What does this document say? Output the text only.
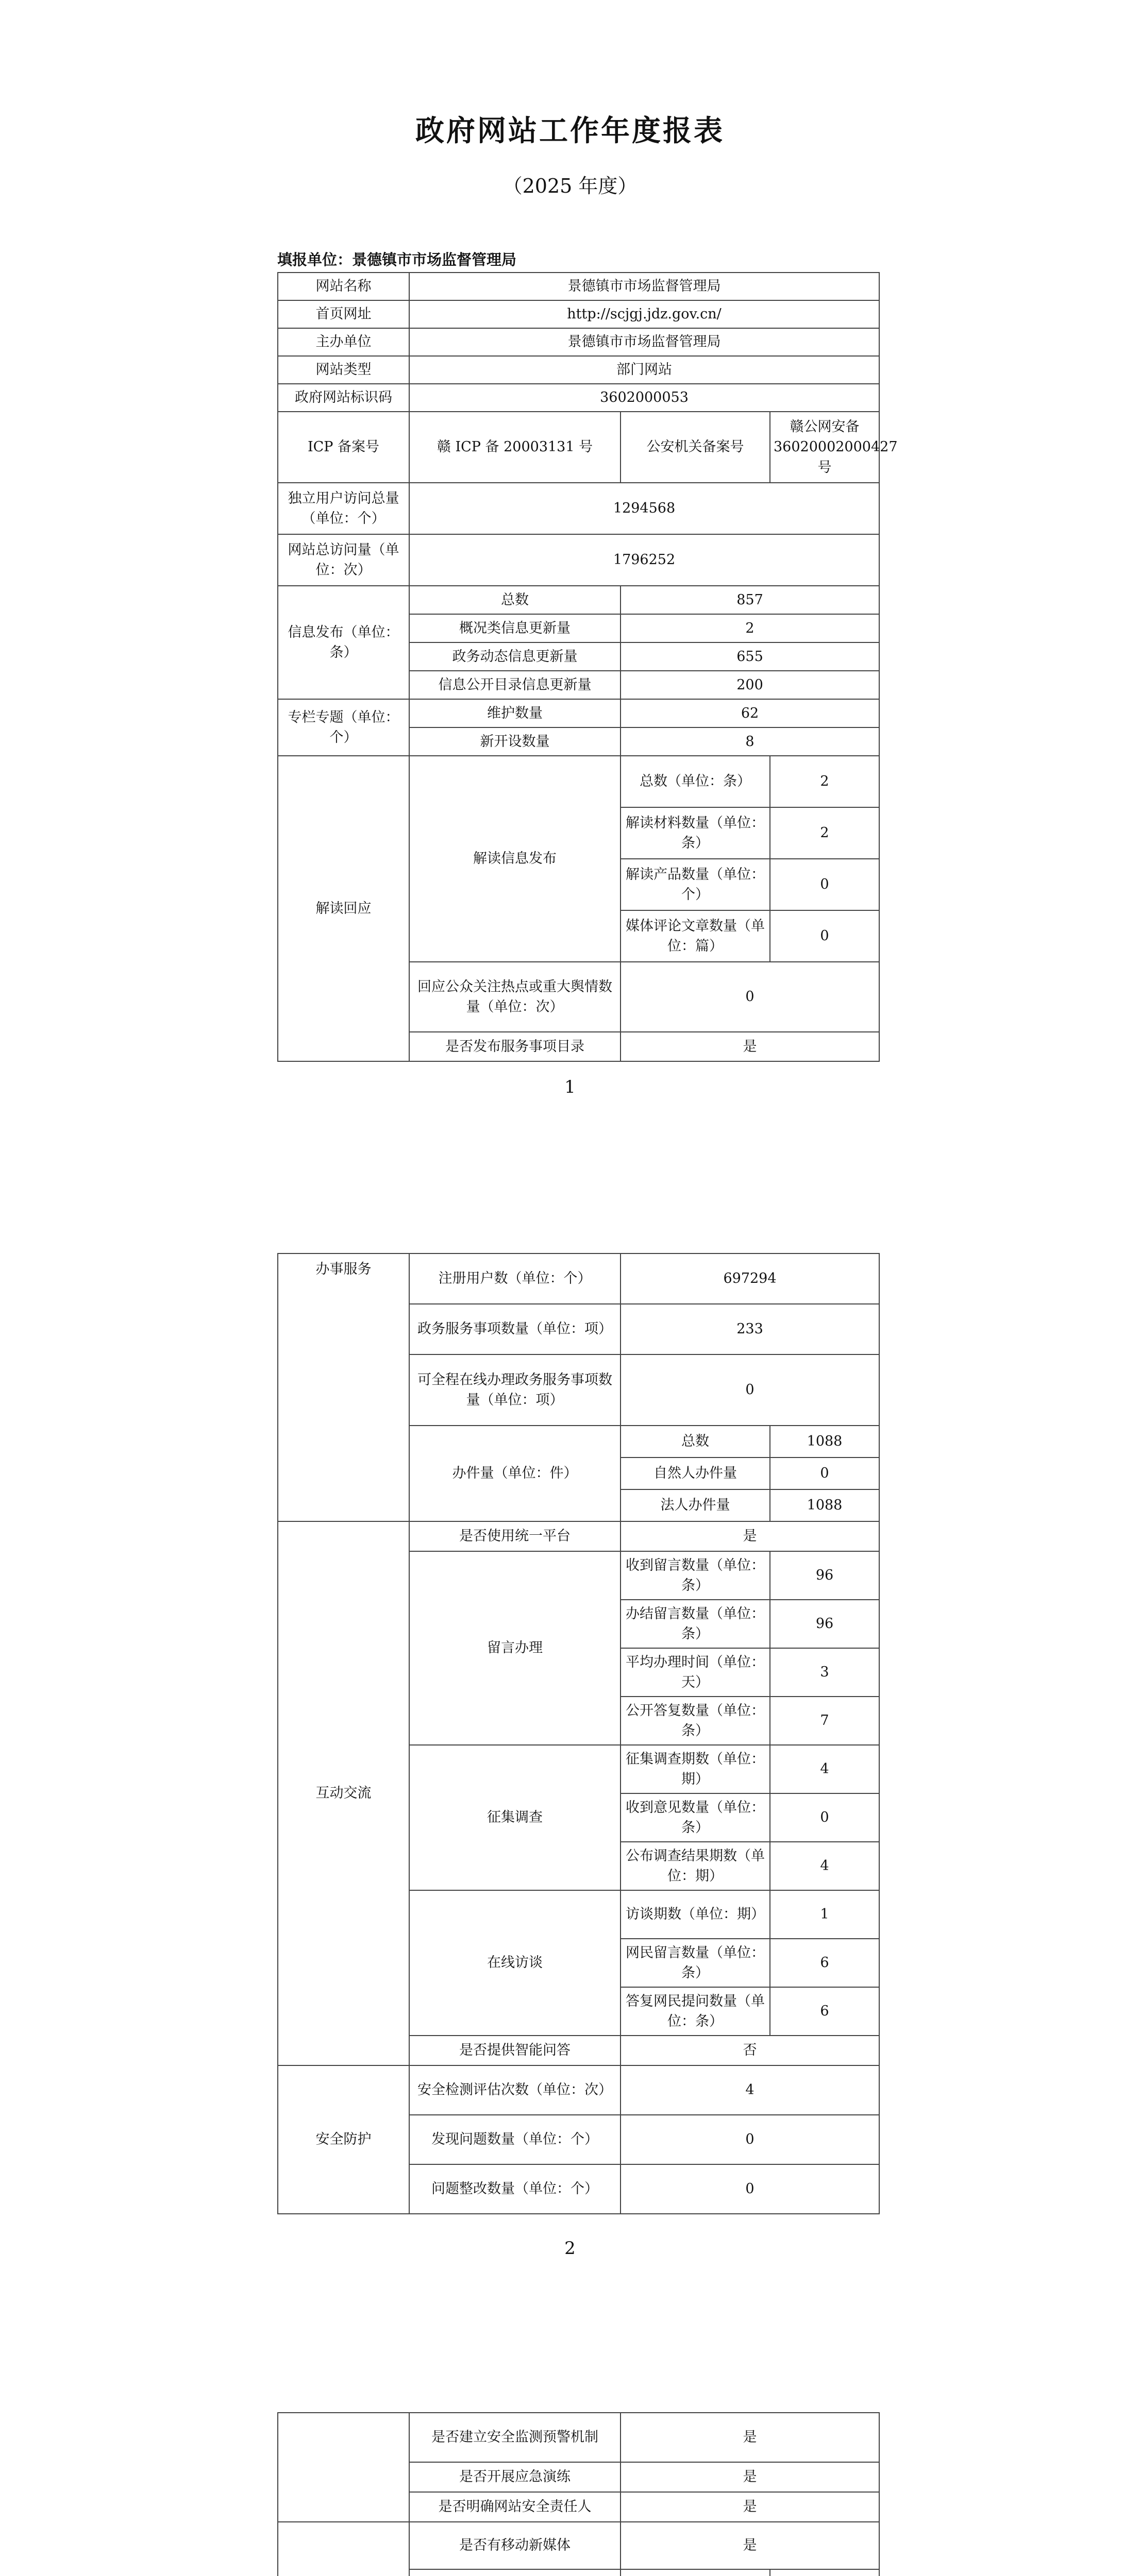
政府网站工作年度报表
（2025 年度）
填报单位：景德镇市市场监督管理局
网站名称	景德镇市市场监督管理局		
首页网址	http://scjgj.jdz.gov.cn/		
主办单位	景德镇市市场监督管理局		
网站类型	部门网站		
政府网站标识码	3602000053		
ICP 备案号	赣 ICP 备 20003131 号	公安机关备案号	赣公网安备36020002000427 号
独立用户访问总量（单位：个）	1294568		
网站总访问量（单位：次）	1796252		
信息发布（单位：条）	总数	857	
	概况类信息更新量	2	
	政务动态信息更新量	655	
	信息公开目录信息更新量	200	
专栏专题（单位：个）	维护数量	62	
	新开设数量	8	
解读回应	解读信息发布	总数（单位：条）	2
		解读材料数量（单位：条）	2
		解读产品数量（单位：个）	0
		媒体评论文章数量（单位：篇）	0
	回应公众关注热点或重大舆情数量（单位：次）	0	
	是否发布服务事项目录	是	
1
办事服务	注册用户数（单位：个）	697294	
	政务服务事项数量（单位：项）	233	
	可全程在线办理政务服务事项数量（单位：项）	0	
	办件量（单位：件）	总数	1088
		自然人办件量	0
		法人办件量	1088
互动交流	是否使用统一平台	是	
	留言办理	收到留言数量（单位：条）	96
		办结留言数量（单位：条）	96
		平均办理时间（单位：天）	3
		公开答复数量（单位：条）	7
	征集调查	征集调查期数（单位：期）	4
		收到意见数量（单位：条）	0
		公布调查结果期数（单位：期）	4
	在线访谈	访谈期数（单位：期）	1
		网民留言数量（单位：条）	6
		答复网民提问数量（单位：条）	6
	是否提供智能问答	否	
安全防护	安全检测评估次数（单位：次）	4	
	发现问题数量（单位：个）	0	
	问题整改数量（单位：个）	0	
2
	是否建立安全监测预警机制	是	
	是否开展应急演练	是	
	是否明确网站安全责任人	是	
	是否有移动新媒体	是	
